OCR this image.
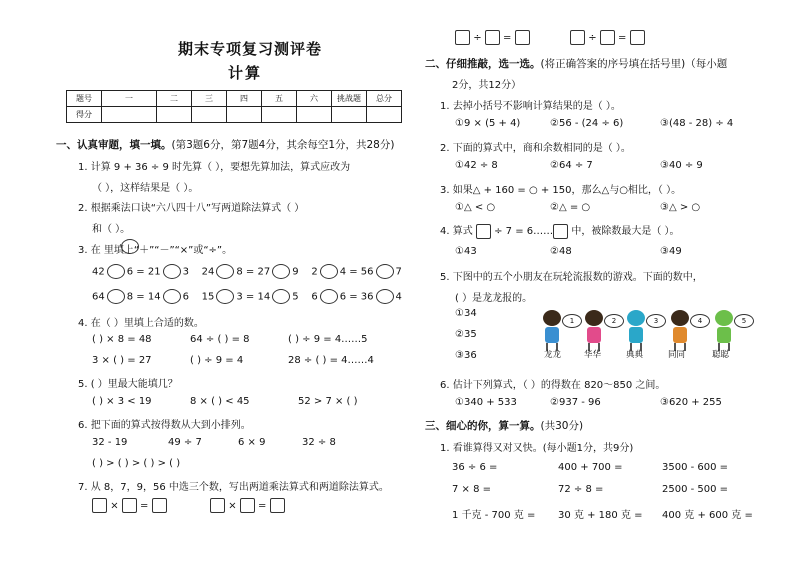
期末专项复习测评卷
计算
题号	一	二	三	四	五	六	挑战题	总分
得分								
一、认真审题，填一填。(第3题6分，第7题4分，其余每空1分，共28分)
1. 计算 9 + 36 ÷ 9 时先算（ ），要想先算加法，算式应改为
（ ），这样结果是（ ）。
2. 根据乘法口诀“六八四十八”写两道除法算式（ ）
和（ ）。
3. 在 里填上“＋”“－”“×”或“÷”。
42 6 = 21 3 24 8 = 27 9 2 4 = 56 7
64 8 = 14 6 15 3 = 14 5 6 6 = 36 4
4. 在（ ）里填上合适的数。
( ) × 8 = 48	64 ÷ ( ) = 8	( ) ÷ 9 = 4……5
3 × ( ) = 27	( ) ÷ 9 = 4	28 ÷ ( ) = 4……4
5. ( ）里最大能填几？
( ) × 3 < 19	8 × ( ) < 45	52 > 7 × ( )
6. 把下面的算式按得数从大到小排列。
32 - 19	49 ÷ 7	6 × 9	32 ÷ 8
( ) > ( ) > ( ) > ( )
7. 从 8，7，9，56 中选三个数，写出两道乘法算式和两道除法算式。
×  =	×  =
÷  =	÷  =
二、仔细推敲，选一选。(将正确答案的序号填在括号里)（每小题
2分，共12分）
1. 去掉小括号不影响计算结果的是（ ）。
①9 × (5 + 4)	②56 - (24 ÷ 6)	③(48 - 28) ÷ 4
2. 下面的算式中，商和余数相同的是（ ）。
①42 ÷ 8	②64 ÷ 7	③40 ÷ 9
3. 如果△ + 160 = ○ + 150，那么△与○相比，（ ）。
①△ < ○	②△ = ○	③△ > ○
4. 算式 ÷ 7 = 6…… 中，被除数最大是（ ）。
①43	②48	③49
5. 下图中的五个小朋友在玩轮流报数的游戏。下面的数中，
( ）是龙龙报的。
①34
②35
③36
1
龙龙
2
华华
3
典典
4
同同
5
聪聪
6. 估计下列算式，（ ）的得数在 820～850 之间。
①340 + 533	②937 - 96	③620 + 255
三、细心的你，算一算。(共30分)
1. 看谁算得又对又快。(每小题1分，共9分)
36 ÷ 6 =	400 + 700 =	3500 - 600 =
7 × 8 =	72 ÷ 8 =	2500 - 500 =
1 千克 - 700 克 = 30 克 + 180 克 = 400 克 + 600 克 =
